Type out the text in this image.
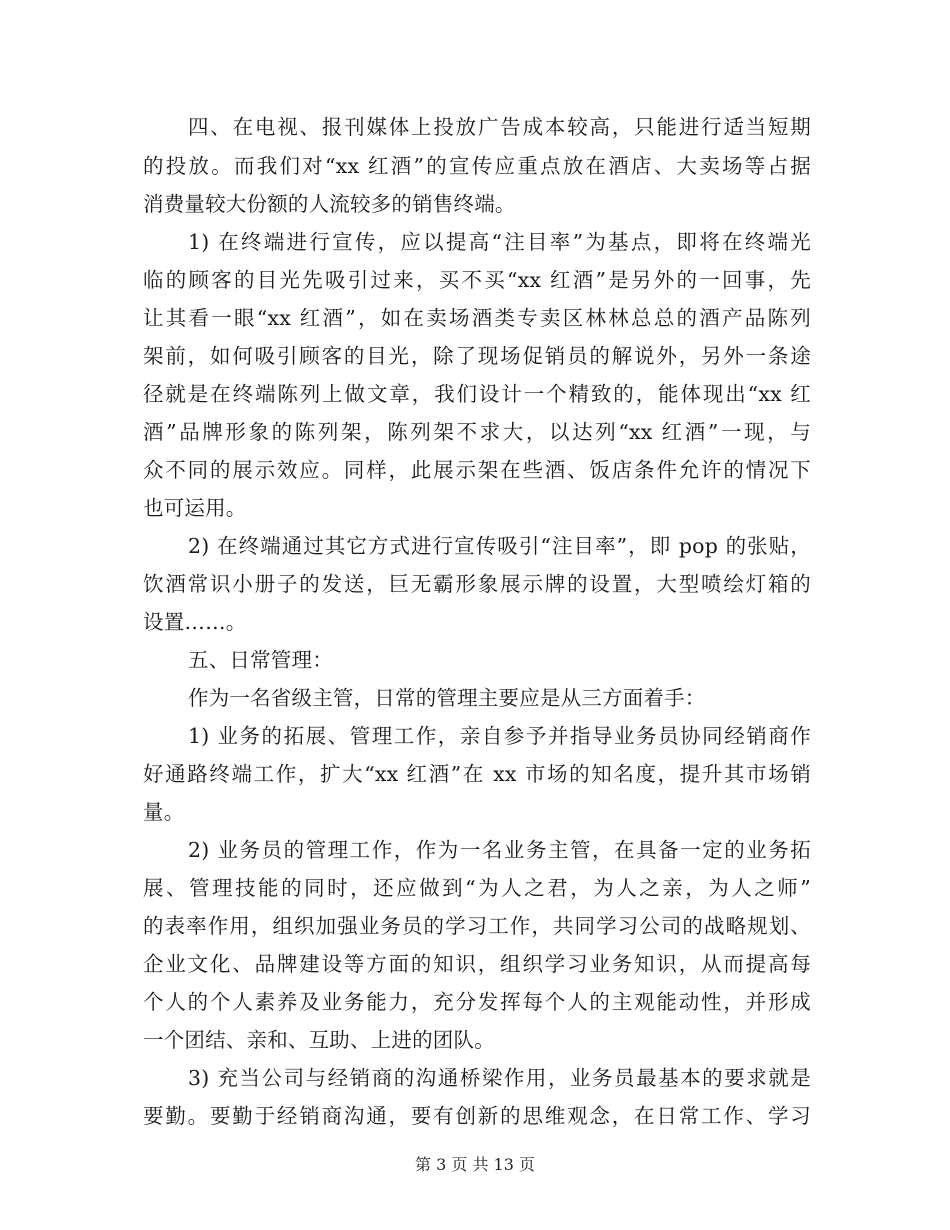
四、在电视、报刊媒体上投放广告成本较高，只能进行适当短期
的投放。而我们对“xx 红酒”的宣传应重点放在酒店、大卖场等占据
消费量较大份额的人流较多的销售终端。
1) 在终端进行宣传，应以提高“注目率”为基点，即将在终端光
临的顾客的目光先吸引过来，买不买“xx 红酒”是另外的一回事，先
让其看一眼“xx 红酒”，如在卖场酒类专卖区林林总总的酒产品陈列
架前，如何吸引顾客的目光，除了现场促销员的解说外，另外一条途
径就是在终端陈列上做文章，我们设计一个精致的，能体现出“xx 红
酒”品牌形象的陈列架，陈列架不求大，以达列“xx 红酒”一现，与
众不同的展示效应。同样，此展示架在些酒、饭店条件允许的情况下
也可运用。
2) 在终端通过其它方式进行宣传吸引“注目率”，即 pop 的张贴，
饮酒常识小册子的发送，巨无霸形象展示牌的设置，大型喷绘灯箱的
设置……。
五、日常管理：
作为一名省级主管，日常的管理主要应是从三方面着手：
1) 业务的拓展、管理工作，亲自参予并指导业务员协同经销商作
好通路终端工作，扩大“xx 红酒”在 xx 市场的知名度，提升其市场销
量。
2) 业务员的管理工作，作为一名业务主管，在具备一定的业务拓
展、管理技能的同时，还应做到“为人之君，为人之亲，为人之师”
的表率作用，组织加强业务员的学习工作，共同学习公司的战略规划、
企业文化、品牌建设等方面的知识，组织学习业务知识，从而提高每
个人的个人素养及业务能力，充分发挥每个人的主观能动性，并形成
一个团结、亲和、互助、上进的团队。
3) 充当公司与经销商的沟通桥梁作用，业务员最基本的要求就是
要勤。要勤于经销商沟通，要有创新的思维观念，在日常工作、学习
第 3 页 共 13 页
